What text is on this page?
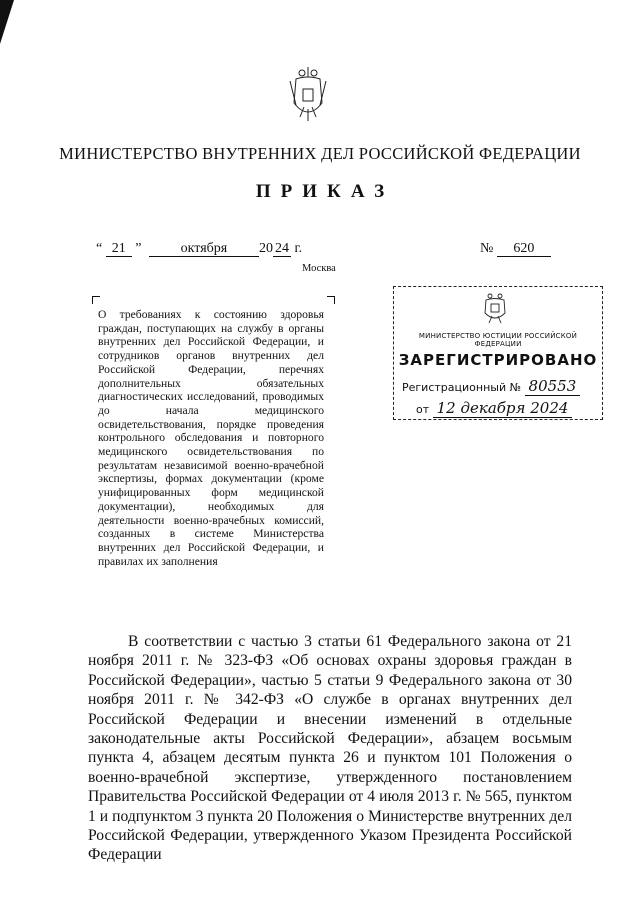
МИНИСТЕРСТВО ВНУТРЕННИХ ДЕЛ РОССИЙСКОЙ ФЕДЕРАЦИИ
ПРИКАЗ
“ 21 ”	октября 20 24 г.	№ 620
Москва
О требованиях к состоянию здоровья граждан, поступающих на службу в органы внутренних дел Российской Федерации, и сотрудников органов внутренних дел Российской Федерации, перечнях дополнительных обязательных диагностических исследований, проводимых до начала медицинского освидетельствования, порядке проведения контрольного обследования и повторного медицинского освидетельствования по результатам независимой военно-врачебной экспертизы, формах документации (кроме унифицированных форм медицинской документации), необходимых для деятельности военно-врачебных комиссий, созданных в системе Министерства внутренних дел Российской Федерации, и правилах их заполнения
МИНИСТЕРСТВО ЮСТИЦИИ РОССИЙСКОЙ ФЕДЕРАЦИИ
ЗАРЕГИСТРИРОВАНО
Регистрационный № 80553
от 12 декабря 2024
В соответствии с частью 3 статьи 61 Федерального закона от 21 ноября 2011 г. № 323-ФЗ «Об основах охраны здоровья граждан в Российской Федерации», частью 5 статьи 9 Федерального закона от 30 ноября 2011 г. № 342-ФЗ «О службе в органах внутренних дел Российской Федерации и внесении изменений в отдельные законодательные акты Российской Федерации», абзацем восьмым пункта 4, абзацем десятым пункта 26 и пунктом 101 Положения о военно-врачебной экспертизе, утвержденного постановлением Правительства Российской Федерации от 4 июля 2013 г. № 565, пунктом 1 и подпунктом 3 пункта 20 Положения о Министерстве внутренних дел Российской Федерации, утвержденного Указом Президента Российской Федерации
